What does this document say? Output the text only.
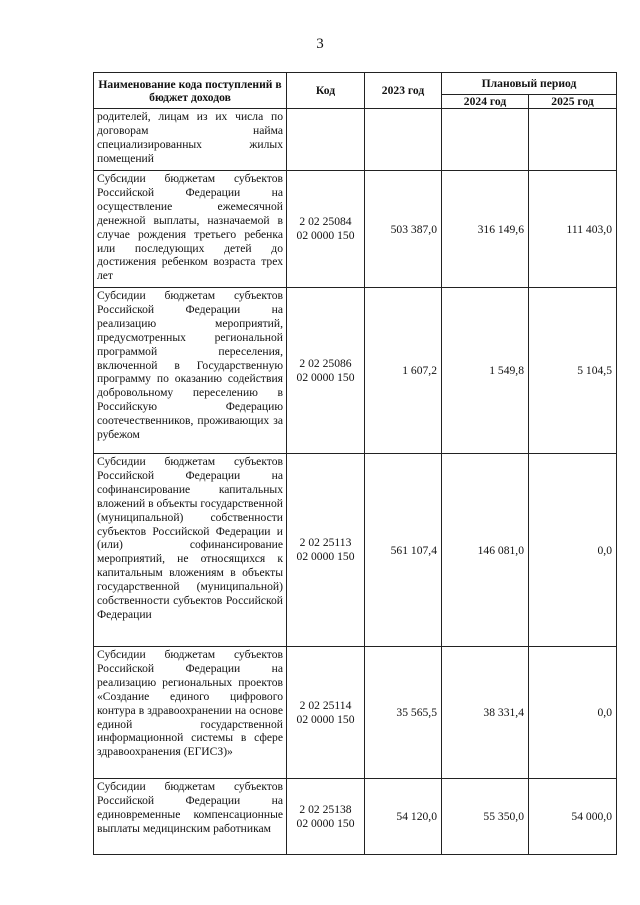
3
Наименование кода поступлений в бюджет доходов	Код	2023 год	Плановый период	
			2024 год	2025 год
родителей, лицам из их числа по договорам найма специализированных жилых помещений	

Субсидии бюджетам субъектов Российской Федерации на осуществление ежемесячной денежной выплаты, назначаемой в случае рождения третьего ребенка или последующих детей до достижения ребенком возраста трех лет	2 02 25084
02 0000 150	503 387,0	316 149,6	111 403,0
Субсидии бюджетам субъектов Российской Федерации на реализацию мероприятий, предусмотренных региональной программой переселения, включенной в Государственную программу по оказанию содействия добровольному переселению в Российскую Федерацию соотечественников, проживающих за рубежом	2 02 25086
02 0000 150	1 607,2	1 549,8	5 104,5
Субсидии бюджетам субъектов Российской Федерации на софинансирование капитальных вложений в объекты государственной (муниципальной) собственности субъектов Российской Федерации и (или) софинансирование мероприятий, не относящихся к капитальным вложениям в объекты государственной (муниципальной) собственности субъектов Российской Федерации	2 02 25113
02 0000 150	561 107,4	146 081,0	0,0
Субсидии бюджетам субъектов Российской Федерации на реализацию региональных проектов «Создание единого цифрового контура в здравоохранении на основе единой государственной информационной системы в сфере здравоохранения (ЕГИСЗ)»	2 02 25114
02 0000 150	35 565,5	38 331,4	0,0
Субсидии бюджетам субъектов Российской Федерации на единовременные компенсационные выплаты медицинским работникам	2 02 25138
02 0000 150	54 120,0	55 350,0	54 000,0
